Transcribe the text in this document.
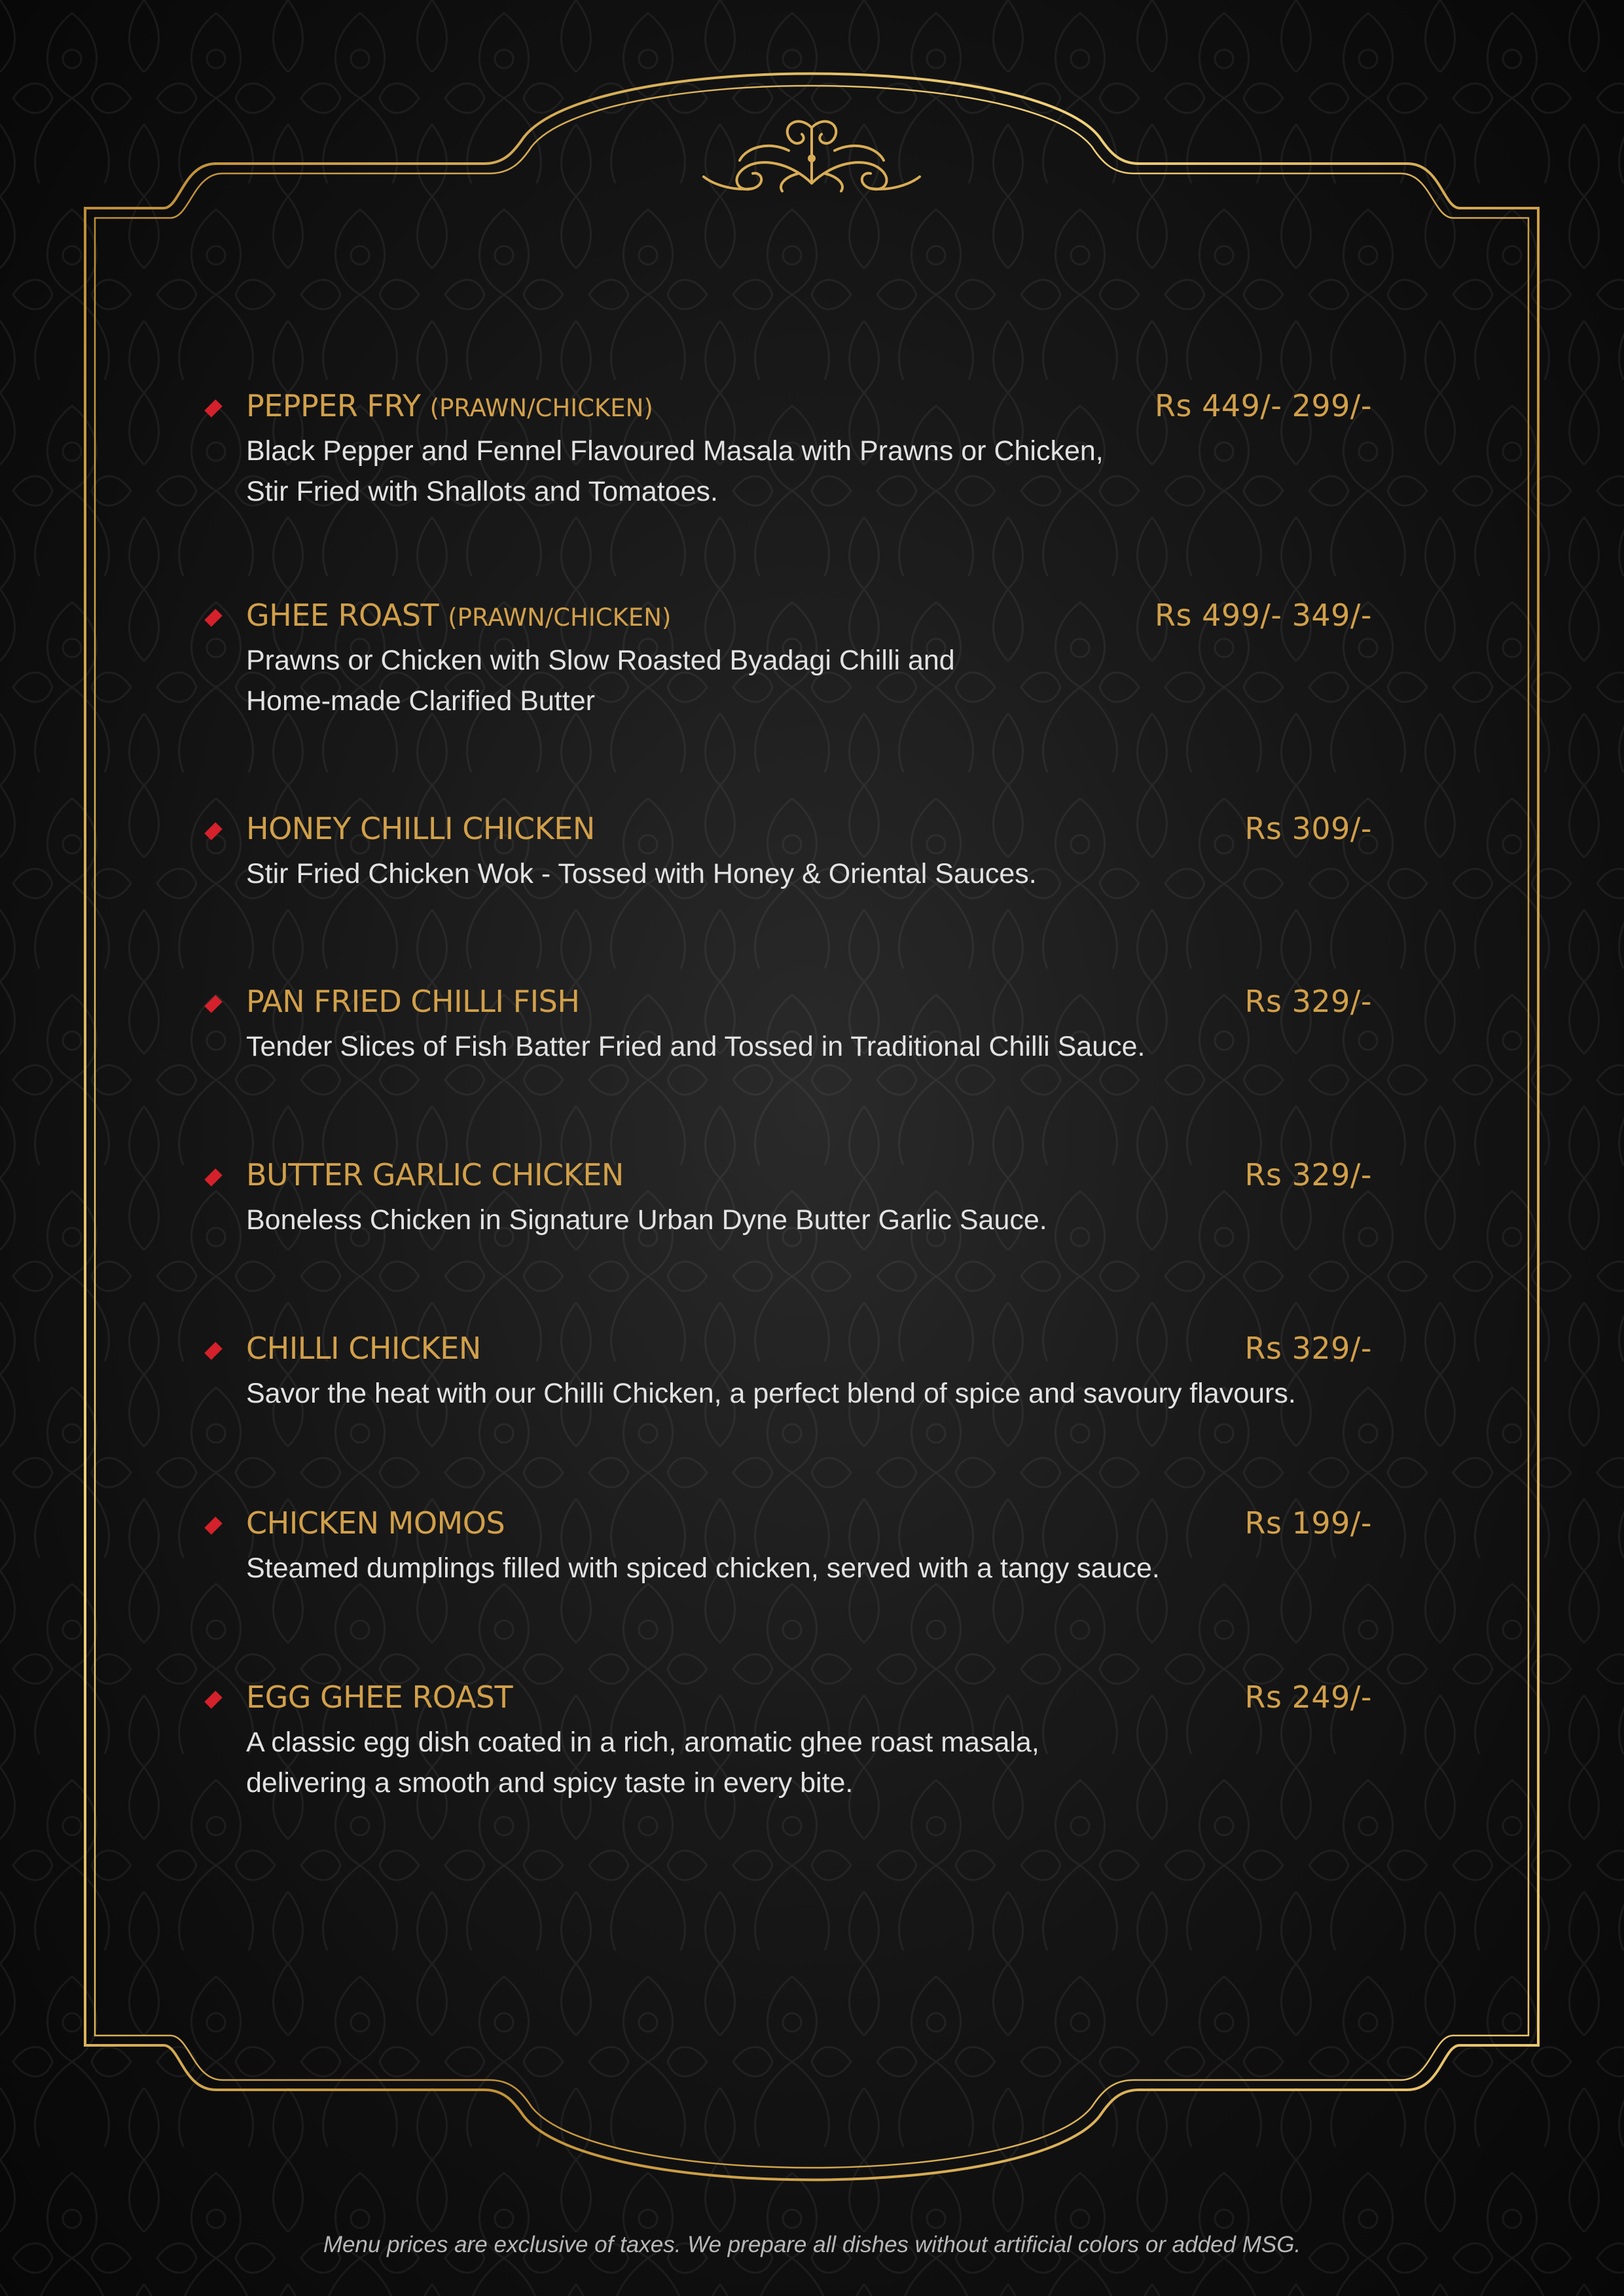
PEPPER FRY (PRAWN/CHICKEN)	Rs 449/- 299/-
Black Pepper and Fennel Flavoured Masala with Prawns or Chicken,
Stir Fried with Shallots and Tomatoes.
GHEE ROAST (PRAWN/CHICKEN)	Rs 499/- 349/-
Prawns or Chicken with Slow Roasted Byadagi Chilli and
Home-made Clarified Butter
HONEY CHILLI CHICKEN	Rs 309/-
Stir Fried Chicken Wok - Tossed with Honey & Oriental Sauces.
PAN FRIED CHILLI FISH	Rs 329/-
Tender Slices of Fish Batter Fried and Tossed in Traditional Chilli Sauce.
BUTTER GARLIC CHICKEN	Rs 329/-
Boneless Chicken in Signature Urban Dyne Butter Garlic Sauce.
CHILLI CHICKEN	Rs 329/-
Savor the heat with our Chilli Chicken, a perfect blend of spice and savoury flavours.
CHICKEN MOMOS	Rs 199/-
Steamed dumplings filled with spiced chicken, served with a tangy sauce.
EGG GHEE ROAST	Rs 249/-
A classic egg dish coated in a rich, aromatic ghee roast masala,
delivering a smooth and spicy taste in every bite.
Menu prices are exclusive of taxes. We prepare all dishes without artificial colors or added MSG.
